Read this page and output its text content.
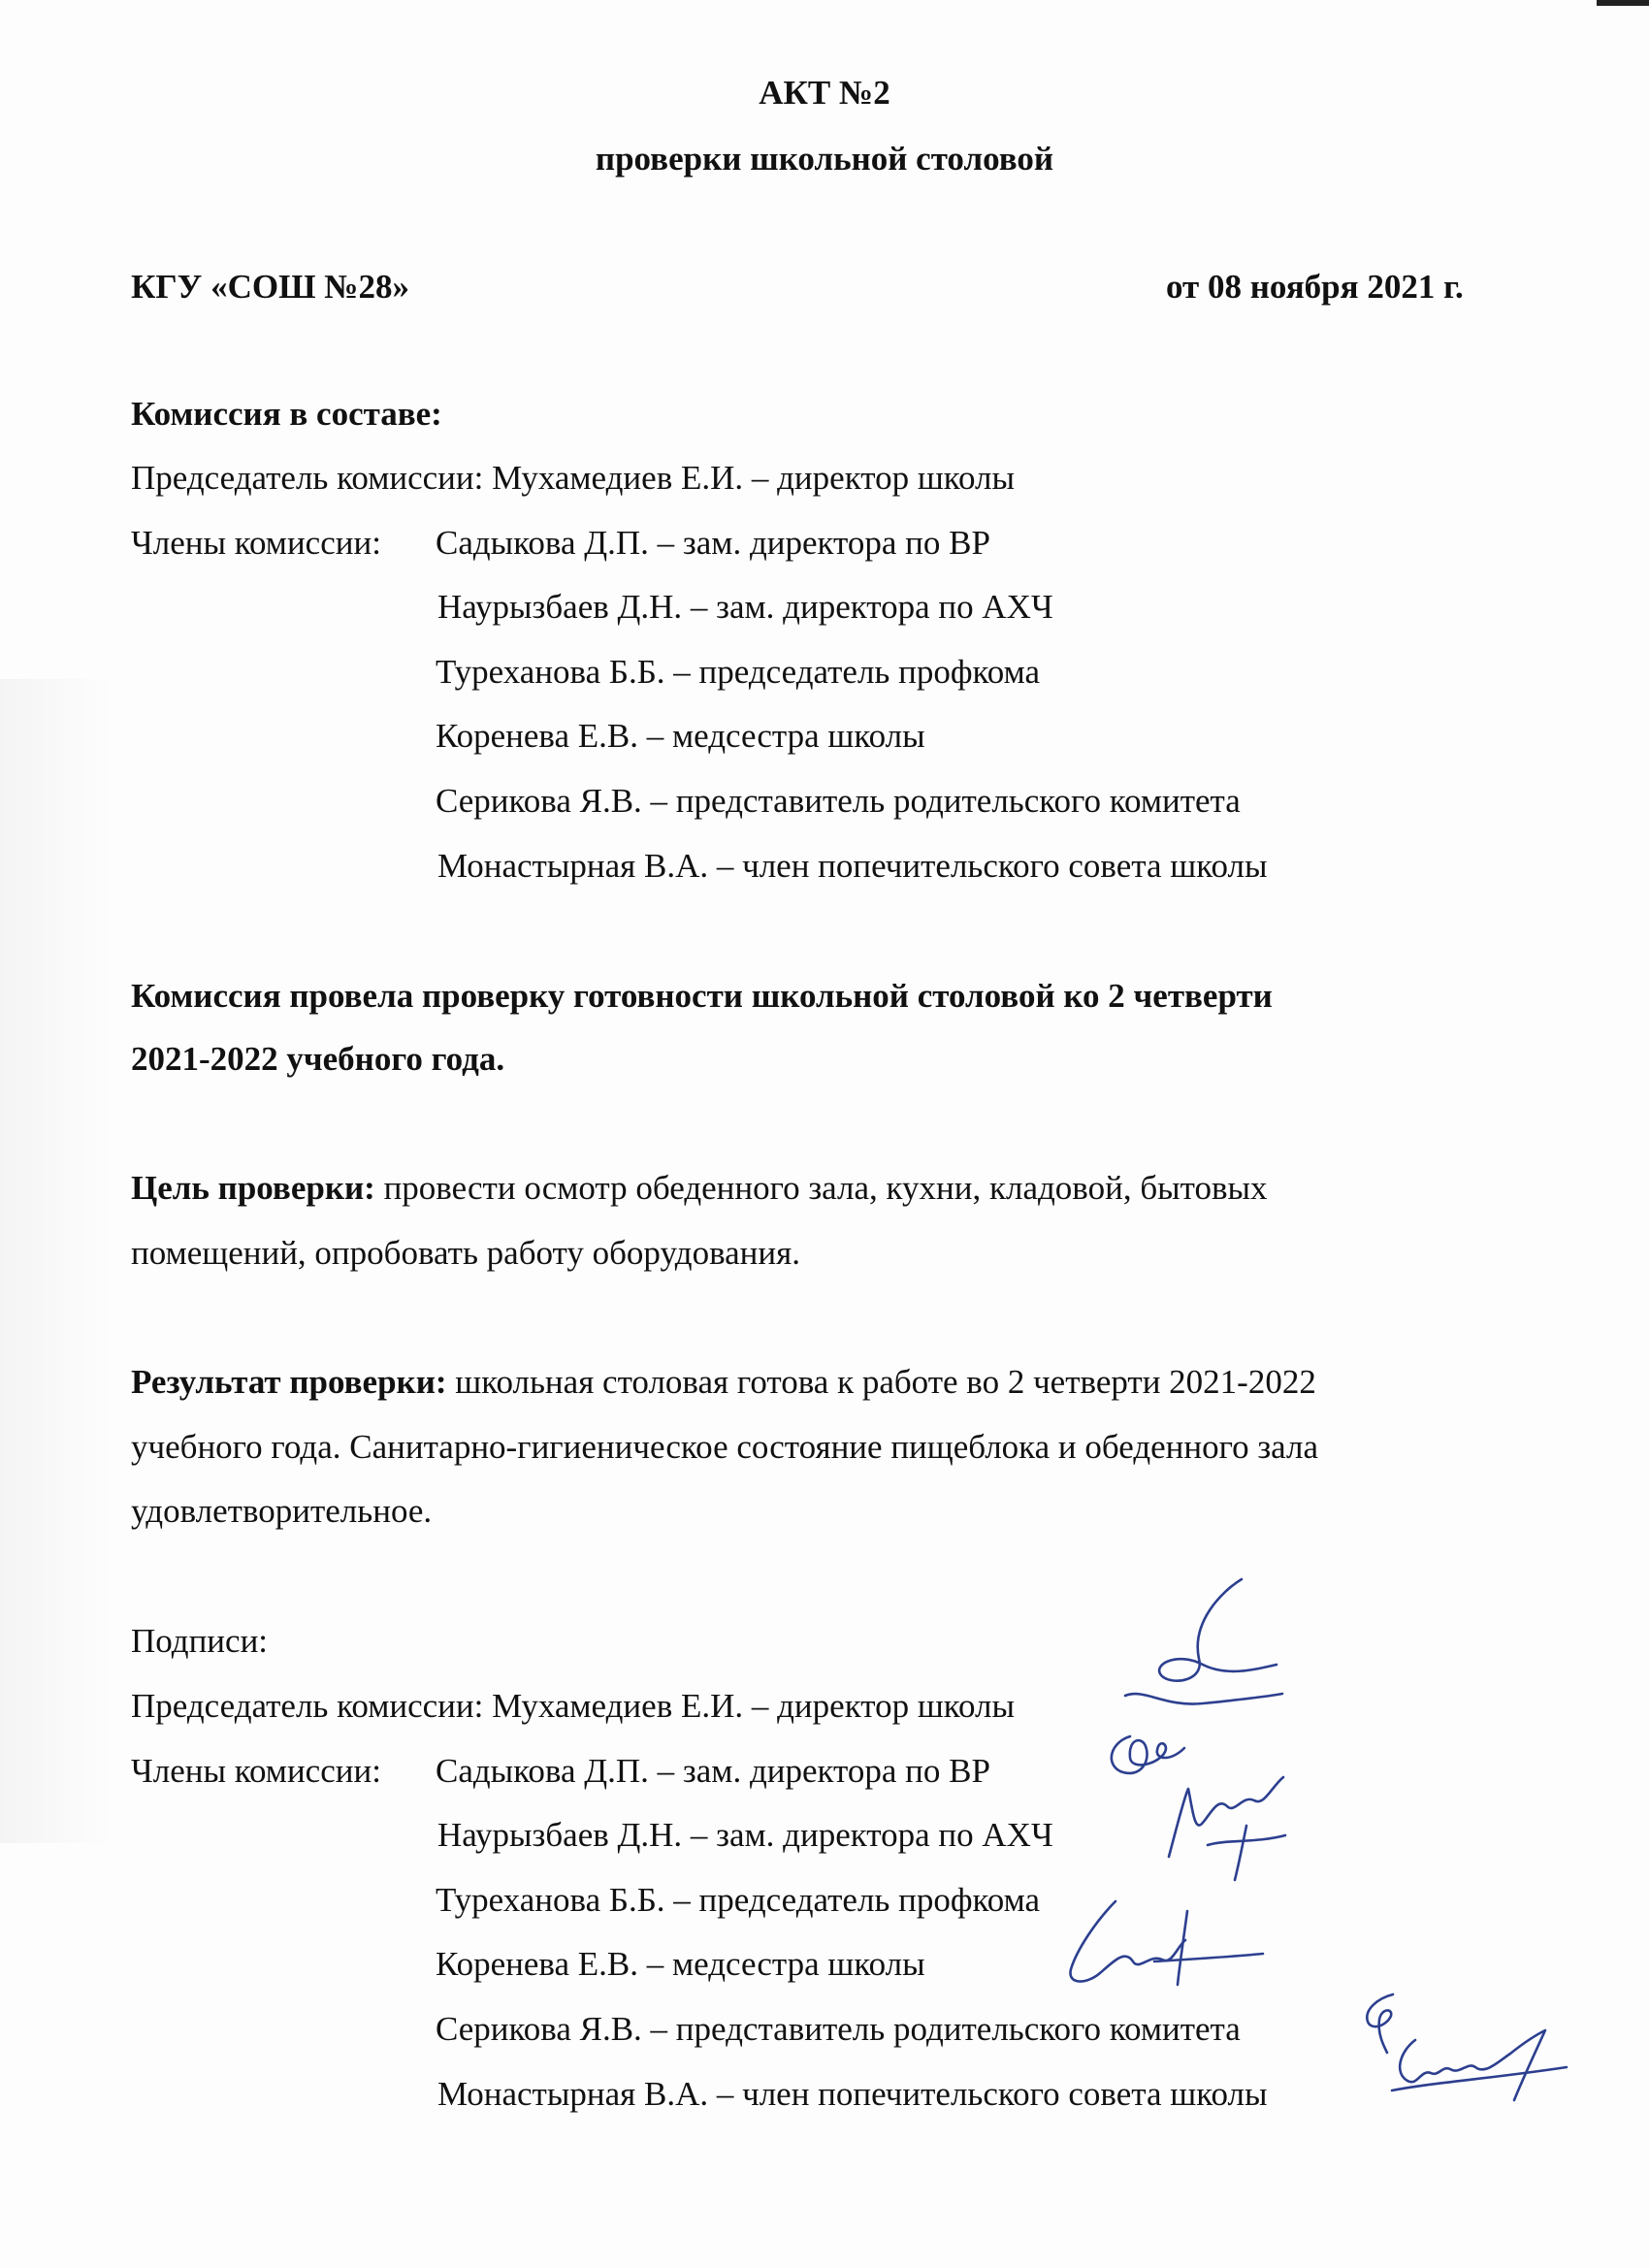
АКТ №2
проверки школьной столовой
КГУ «СОШ №28»	от 08 ноября 2021 г.
Комиссия в составе:
Председатель комиссии: Мухамедиев Е.И. – директор школы
Члены комиссии: Садыкова Д.П. – зам. директора по ВР
Наурызбаев Д.Н. – зам. директора по АХЧ
Туреханова Б.Б. – председатель профкома
Коренева Е.В. – медсестра школы
Серикова Я.В. – представитель родительского комитета
Монастырная В.А. – член попечительского совета школы
Комиссия провела проверку готовности школьной столовой ко 2 четверти
2021-2022 учебного года.
Цель проверки: провести осмотр обеденного зала, кухни, кладовой, бытовых
помещений, опробовать работу оборудования.
Результат проверки: школьная столовая готова к работе во 2 четверти 2021-2022
учебного года. Санитарно-гигиеническое состояние пищеблока и обеденного зала
удовлетворительное.
Подписи:
Председатель комиссии: Мухамедиев Е.И. – директор школы
Члены комиссии: Садыкова Д.П. – зам. директора по ВР
Наурызбаев Д.Н. – зам. директора по АХЧ
Туреханова Б.Б. – председатель профкома
Коренева Е.В. – медсестра школы
Серикова Я.В. – представитель родительского комитета
Монастырная В.А. – член попечительского совета школы
